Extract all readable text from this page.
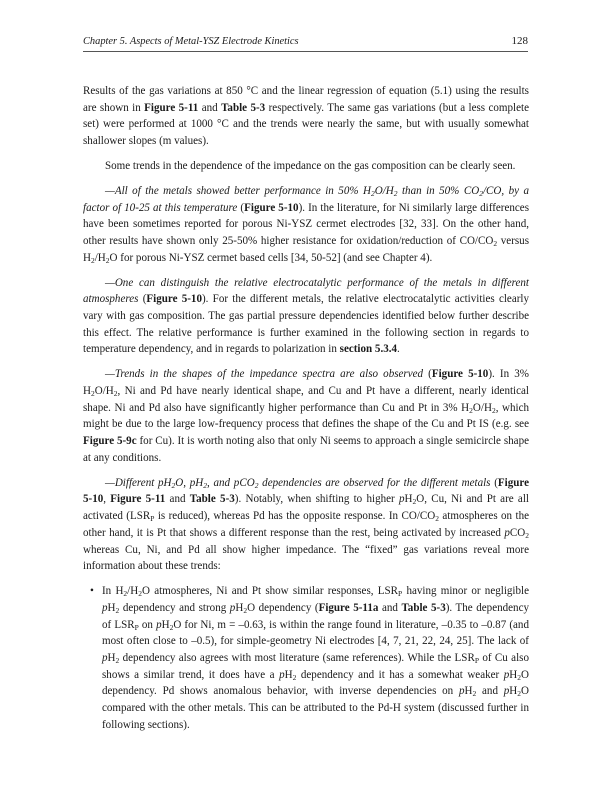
Chapter 5. Aspects of Metal-YSZ Electrode Kinetics	128

Results of the gas variations at 850 °C and the linear regression of equation (5.1) using the results are shown in Figure 5-11 and Table 5-3 respectively. The same gas variations (but a less complete set) were performed at 1000 °C and the trends were nearly the same, but with usually somewhat shallower slopes (m values).

Some trends in the dependence of the impedance on the gas composition can be clearly seen.

—All of the metals showed better performance in 50% $H_2O/H_2$ than in 50% $CO_2/CO$, by a factor of 10-25 at this temperature (Figure 5-10). In the literature, for Ni similarly large differences have been sometimes reported for porous Ni-YSZ cermet electrodes [32, 33]. On the other hand, other results have shown only 25-50% higher resistance for oxidation/reduction of $CO/CO_2$ versus $H_2/H_2O$ for porous Ni-YSZ cermet based cells [34, 50-52] (and see Chapter 4).

—One can distinguish the relative electrocatalytic performance of the metals in different atmospheres (Figure 5-10). For the different metals, the relative electrocatalytic activities clearly vary with gas composition. The gas partial pressure dependencies identified below further describe this effect. The relative performance is further examined in the following section in regards to temperature dependency, and in regards to polarization in section 5.3.4.

—Trends in the shapes of the impedance spectra are also observed (Figure 5-10). In 3% $H_2O/H_2$, Ni and Pd have nearly identical shape, and Cu and Pt have a different, nearly identical shape. Ni and Pd also have significantly higher performance than Cu and Pt in 3% $H_2O/H_2$, which might be due to the large low-frequency process that defines the shape of the Cu and Pt IS (e.g. see Figure 5-9c for Cu). It is worth noting also that only Ni seems to approach a single semicircle shape at any conditions.

—Different $pH_2O$, $pH_2$, and pCO$_2$ dependencies are observed for the different metals (Figure 5-10, Figure 5-11 and Table 5-3). Notably, when shifting to higher $pH_2O$, Cu, Ni and Pt are all activated ($LSR_P$ is reduced), whereas Pd has the opposite response. In $CO/CO_2$ atmospheres on the other hand, it is Pt that shows a different response than the rest, being activated by increased pCO$_2$ whereas Cu, Ni, and Pd all show higher impedance. The “fixed” gas variations reveal more information about these trends:

• In $H_2/H_2O$ atmospheres, Ni and Pt show similar responses, $LSR_P$ having minor or negligible $pH_2$ dependency and strong $pH_2O$ dependency (Figure 5-11a and Table 5-3). The dependency of $LSR_P$ on $pH_2O$ for Ni, m = –0.63, is within the range found in literature, –0.35 to –0.87 (and most often close to –0.5), for simple-geometry Ni electrodes [4, 7, 21, 22, 24, 25]. The lack of $pH_2$ dependency also agrees with most literature (same references). While the $LSR_P$ of Cu also shows a similar trend, it does have a $pH_2$ dependency and it has a somewhat weaker $pH_2O$ dependency. Pd shows anomalous behavior, with inverse dependencies on $pH_2$ and $pH_2O$ compared with the other metals. This can be attributed to the Pd-H system (discussed further in following sections).
